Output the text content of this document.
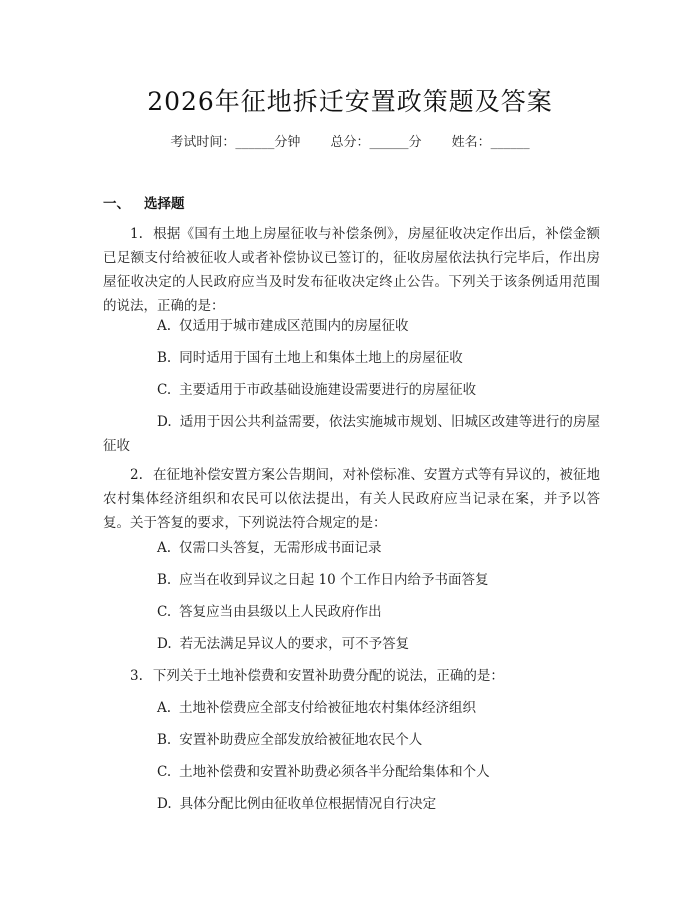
2026年征地拆迁安置政策题及答案
考试时间：______分钟 总分：______分 姓名：______
一、 选择题
1. 根据《国有土地上房屋征收与补偿条例》，房屋征收决定作出后，补偿金额已足额支付给被征收人或者补偿协议已签订的，征收房屋依法执行完毕后，作出房屋征收决定的人民政府应当及时发布征收决定终止公告。下列关于该条例适用范围的说法，正确的是：
A. 仅适用于城市建成区范围内的房屋征收
B. 同时适用于国有土地上和集体土地上的房屋征收
C. 主要适用于市政基础设施建设需要进行的房屋征收
D. 适用于因公共利益需要，依法实施城市规划、旧城区改建等进行的房屋征收
2. 在征地补偿安置方案公告期间，对补偿标准、安置方式等有异议的，被征地农村集体经济组织和农民可以依法提出，有关人民政府应当记录在案，并予以答复。关于答复的要求，下列说法符合规定的是：
A. 仅需口头答复，无需形成书面记录
B. 应当在收到异议之日起 10 个工作日内给予书面答复
C. 答复应当由县级以上人民政府作出
D. 若无法满足异议人的要求，可不予答复
3. 下列关于土地补偿费和安置补助费分配的说法，正确的是：
A. 土地补偿费应全部支付给被征地农村集体经济组织
B. 安置补助费应全部发放给被征地农民个人
C. 土地补偿费和安置补助费必须各半分配给集体和个人
D. 具体分配比例由征收单位根据情况自行决定
